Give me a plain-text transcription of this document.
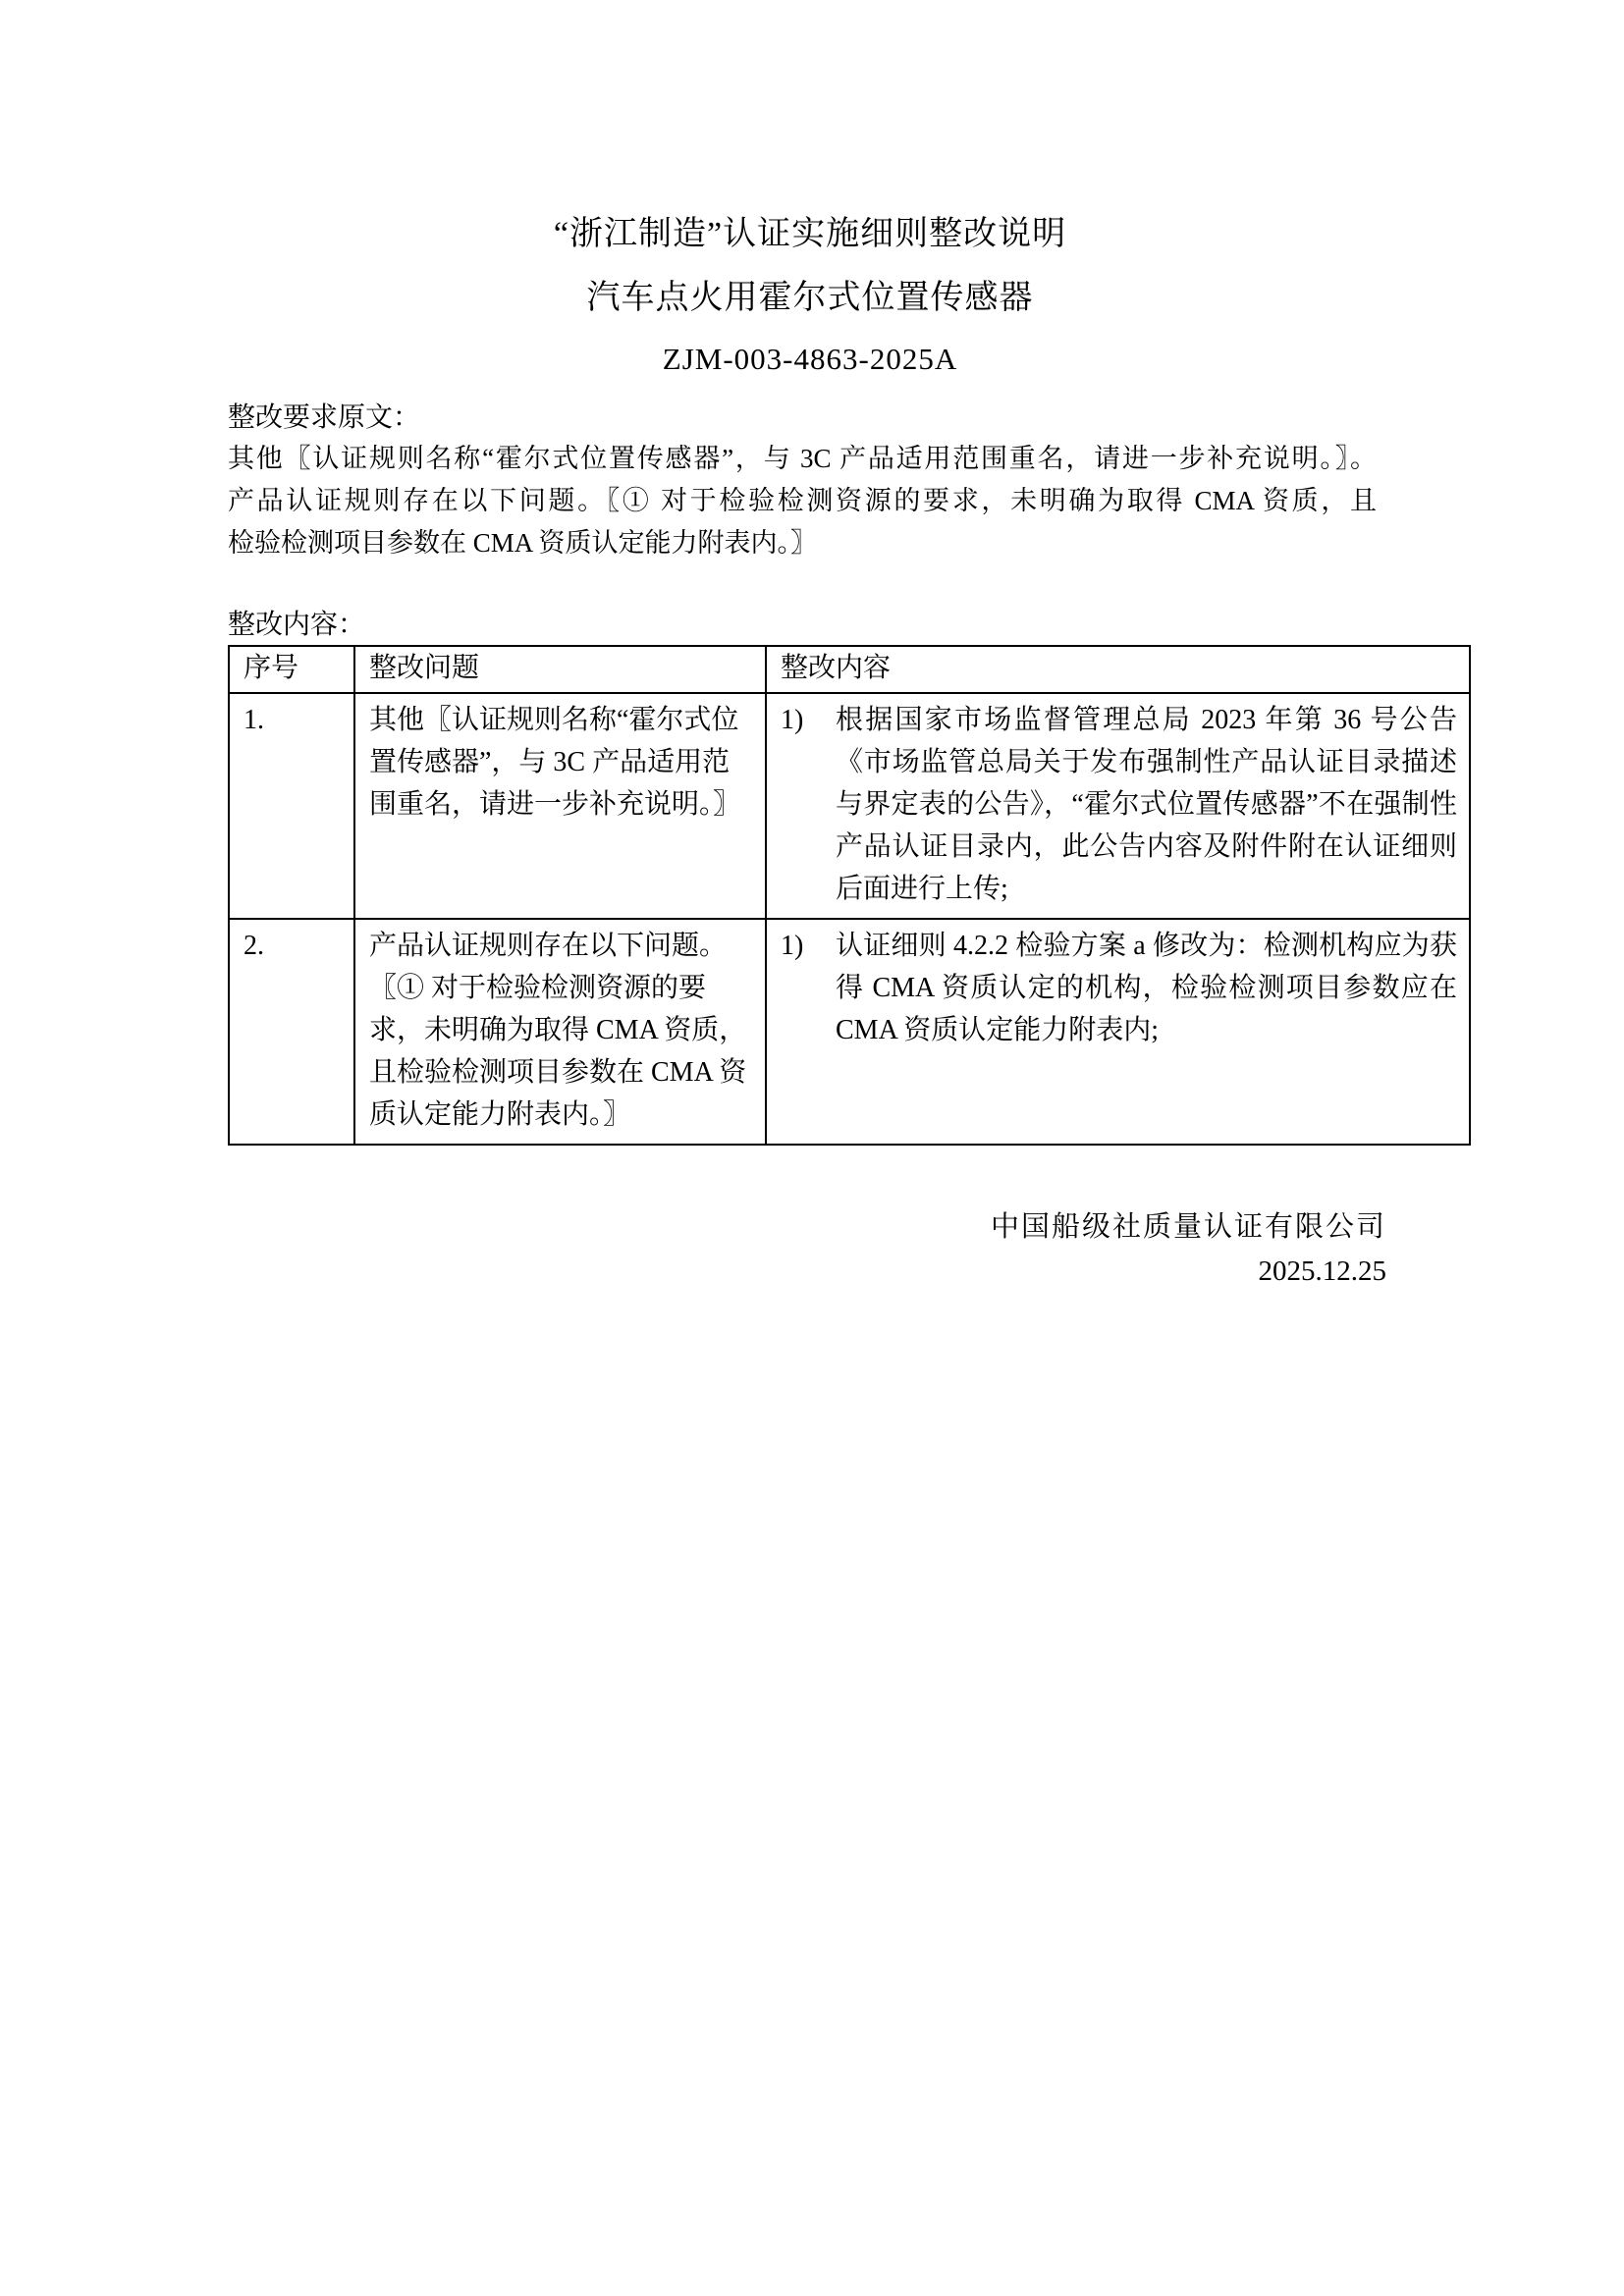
“浙江制造”认证实施细则整改说明
汽车点火用霍尔式位置传感器
ZJM-003-4863-2025A
整改要求原文：
其他〖认证规则名称“霍尔式位置传感器”，与 3C 产品适用范围重名，请进一步补充说明。〗。
产品认证规则存在以下问题。〖① 对于检验检测资源的要求，未明确为取得 CMA 资质，且
检验检测项目参数在 CMA 资质认定能力附表内。〗
整改内容：
序号	整改问题	整改内容
1.	其他〖认证规则名称“霍尔式位置传感器”，与 3C 产品适用范围重名，请进一步补充说明。〗	1) 根据国家市场监督管理总局 2023 年第 36 号公告《市场监管总局关于发布强制性产品认证目录描述与界定表的公告》，“霍尔式位置传感器”不在强制性产品认证目录内，此公告内容及附件附在认证细则后面进行上传;

2.	产品认证规则存在以下问题。〖① 对于检验检测资源的要求，未明确为取得 CMA 资质，且检验检测项目参数在 CMA 资质认定能力附表内。〗	1) 认证细则 4.2.2 检验方案 a 修改为：检测机构应为获得 CMA 资质认定的机构，检验检测项目参数应在 CMA 资质认定能力附表内;
中国船级社质量认证有限公司
2025.12.25
